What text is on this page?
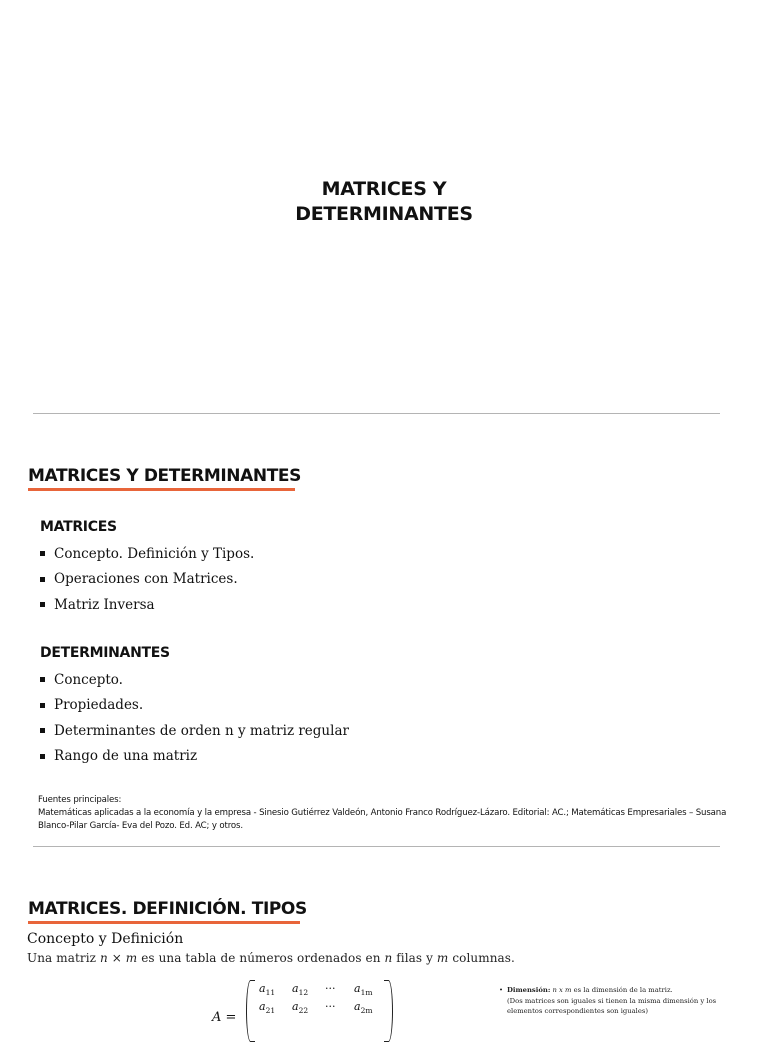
MATRICES Y
DETERMINANTES
MATRICES Y DETERMINANTES
MATRICES
Concepto. Definición y Tipos.
Operaciones con Matrices.
Matriz Inversa
DETERMINANTES
Concepto.
Propiedades.
Determinantes de orden n y matriz regular
Rango de una matriz
Fuentes principales:
Matemáticas aplicadas a la economía y la empresa - Sinesio Gutiérrez Valdeón, Antonio Franco Rodríguez-Lázaro. Editorial: AC.; Matemáticas Empresariales – Susana Blanco-Pilar García- Eva del Pozo. Ed. AC; y otros.
MATRICES. DEFINICIÓN. TIPOS
Concepto y Definición
Una matriz n × m es una tabla de números ordenados en n filas y m columnas.
A =
$a_{11}$ $a_{12}$ ··· $a_{1m}$
$a_{21}$ $a_{22}$ ··· $a_{2m}$
• Dimensión: n x m es la dimensión de la matriz.
(Dos matrices son iguales si tienen la misma dimensión y los elementos correspondientes son iguales)
